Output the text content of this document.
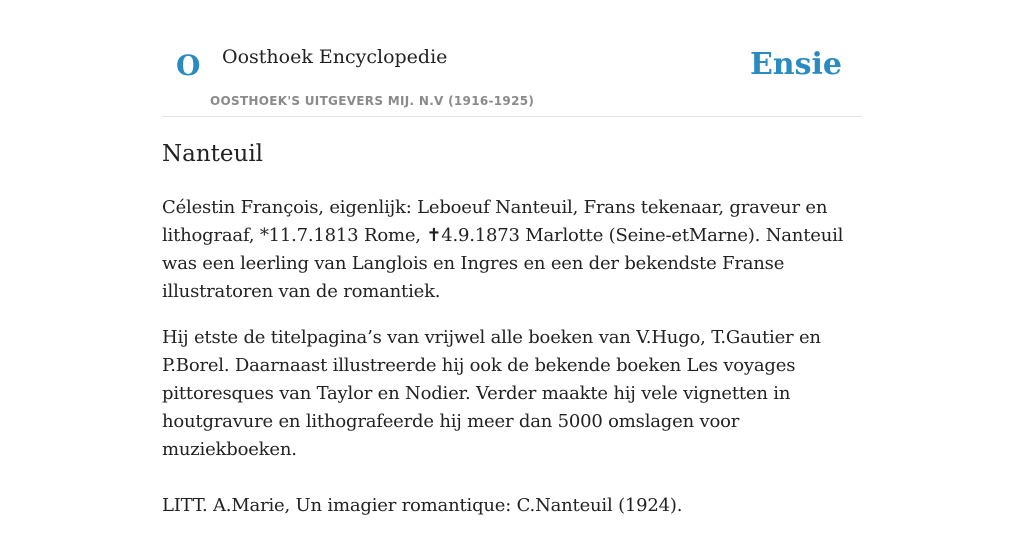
O Oosthoek Encyclopedie
OOSTHOEK'S UITGEVERS MIJ. N.V (1916-1925)
Ensie
Nanteuil

Célestin François, eigenlijk: Leboeuf Nanteuil, Frans tekenaar, graveur en lithograaf, *11.7.1813 Rome, ✝4.9.1873 Marlotte (Seine-etMarne). Nanteuil was een leerling van Langlois en Ingres en een der bekendste Franse illustratoren van de romantiek.

Hij etste de titelpagina’s van vrijwel alle boeken van V.Hugo, T.Gautier en P.Borel. Daarnaast illustreerde hij ook de bekende boeken Les voyages pittoresques van Taylor en Nodier. Verder maakte hij vele vignetten in houtgravure en lithografeerde hij meer dan 5000 omslagen voor muziekboeken.

LITT. A.Marie, Un imagier romantique: C.Nanteuil (1924).
